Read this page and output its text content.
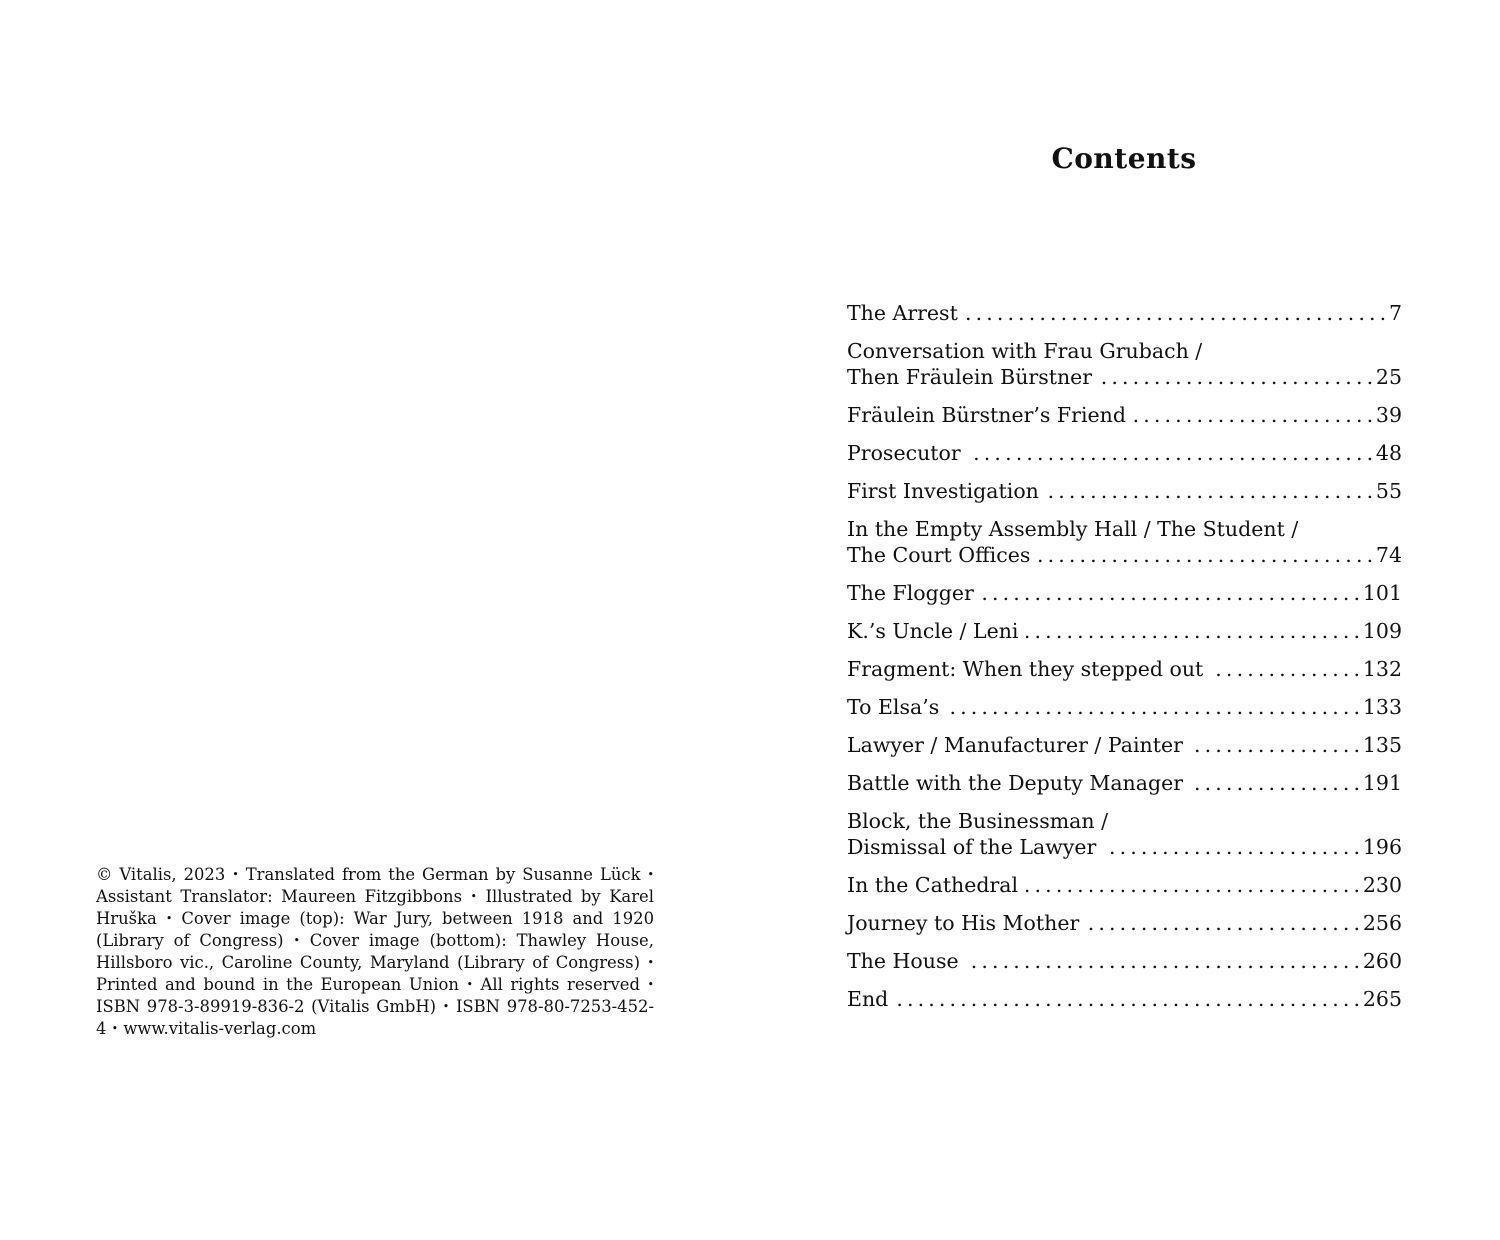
© Vitalis, 2023 • Translated from the German by Susanne Lück • Assistant Translator: Maureen Fitzgibbons • Illustrated by Karel Hruška • Cover image (top): War Jury, between 1918 and 1920 (Library of Congress) • Cover image (bottom): Thawley House, Hillsboro vic., Caroline County, Maryland (Library of Congress) • Printed and bound in the European Union • All rights reserved • ISBN 978-3-89919-836-2 (Vitalis GmbH) • ISBN 978-80-7253-452-4 • www.vitalis-verlag.com
Contents
The Arrest . . .	7
Conversation with Frau Grubach /
Then Fräulein Bürstner . . .	25
Fräulein Bürstner’s Friend . . .	39
Prosecutor . . .	48
First Investigation . . .	55
In the Empty Assembly Hall / The Student /
The Court Offices . . .	74
The Flogger . . .	101
K.’s Uncle / Leni . . .	109
Fragment: When they stepped out . . .	132
To Elsa’s . . .	133
Lawyer / Manufacturer / Painter . . .	135
Battle with the Deputy Manager . . .	191
Block, the Businessman /
Dismissal of the Lawyer . . .	196
In the Cathedral . . .	230
Journey to His Mother . . .	256
The House . . .	260
End . . .	265
